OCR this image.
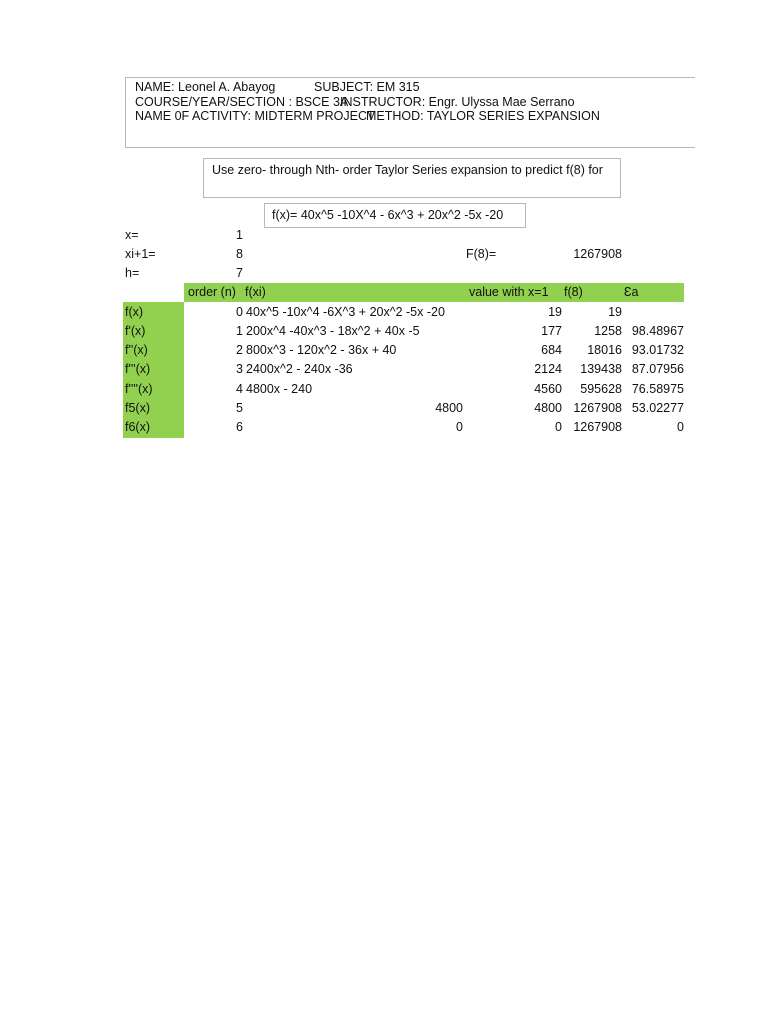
NAME: Leonel A. Abayog	SUBJECT: EM 315
COURSE/YEAR/SECTION : BSCE 3A
INSTRUCTOR: Engr. Ulyssa Mae Serrano
NAME 0F ACTIVITY: MIDTERM PROJECT
METHOD: TAYLOR SERIES EXPANSION
Use zero- through Nth- order Taylor Series expansion to predict f(8) for
f(x)= 40x^5 -10X^4 - 6x^3 + 20x^2 -5x -20
x=	1
xi+1=	8	F(8)=	1267908
h=	7
order (n) f(xi)	value with x=1 f(8)	Ɛa
f(x)	0 40x^5 -10x^4 -6X^3 + 20x^2 -5x -20	19	19
f'(x)	1 200x^4 -40x^3 - 18x^2 + 40x -5	177	1258 98.48967
f''(x)	2 800x^3 - 120x^2 - 36x + 40	684	18016 93.01732
f'''(x)	3 2400x^2 - 240x -36	2124	139438 87.07956
f''''(x)	4 4800x - 240	4560	595628 76.58975
f5(x)	5	4800	4800 1267908 53.02277
f6(x)	6	0	0 1267908	0
